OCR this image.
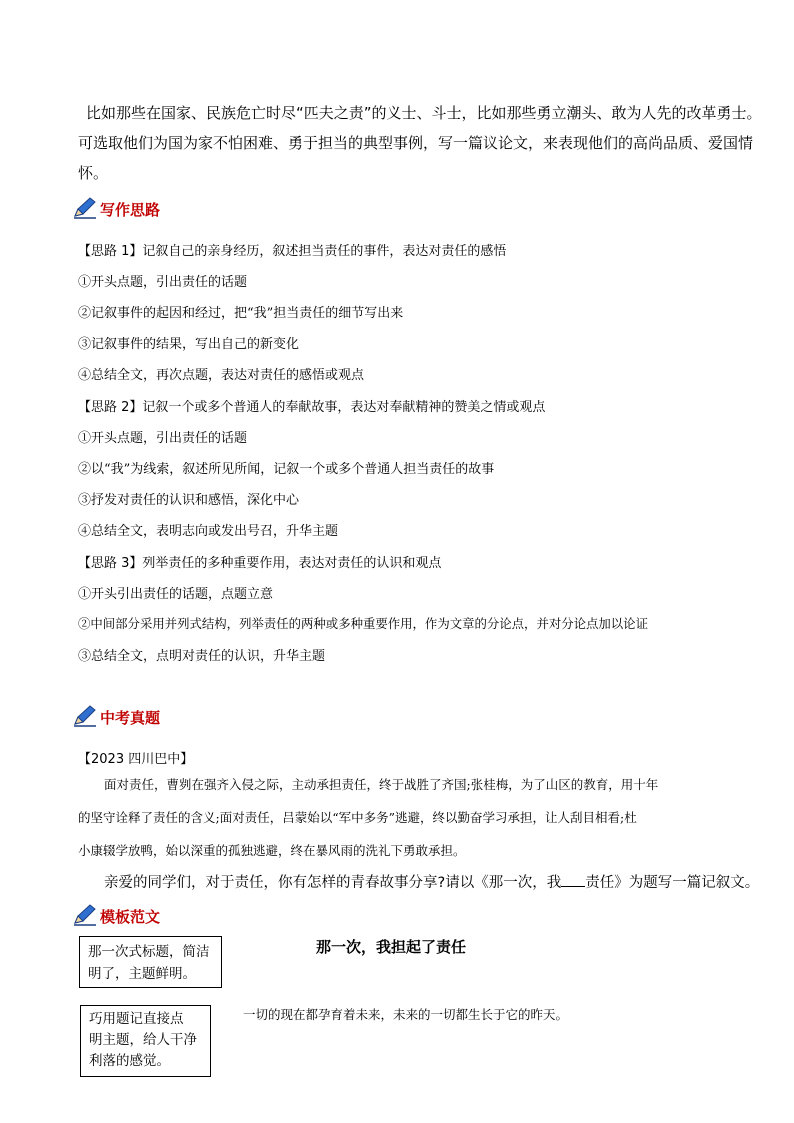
比如那些在国家、民族危亡时尽“匹夫之责”的义士、斗士，比如那些勇立潮头、敢为人先的改革勇士。
可选取他们为国为家不怕困难、勇于担当的典型事例，写一篇议论文，来表现他们的高尚品质、爱国情
怀。
写作思路
【思路 1】记叙自己的亲身经历，叙述担当责任的事件，表达对责任的感悟
①开头点题，引出责任的话题
②记叙事件的起因和经过，把“我”担当责任的细节写出来
③记叙事件的结果，写出自己的新变化
④总结全文，再次点题，表达对责任的感悟或观点
【思路 2】记叙一个或多个普通人的奉献故事，表达对奉献精神的赞美之情或观点
①开头点题，引出责任的话题
②以“我”为线索，叙述所见所闻，记叙一个或多个普通人担当责任的故事
③抒发对责任的认识和感悟，深化中心
④总结全文，表明志向或发出号召，升华主题
【思路 3】列举责任的多种重要作用，表达对责任的认识和观点
①开头引出责任的话题，点题立意
②中间部分采用并列式结构，列举责任的两种或多种重要作用，作为文章的分论点，并对分论点加以论证
③总结全文，点明对责任的认识，升华主题
中考真题
【2023 四川巴中】
面对责任，曹刿在强齐入侵之际，主动承担责任，终于战胜了齐国;张桂梅，为了山区的教育，用十年
的坚守诠释了责任的含义;面对责任，吕蒙始以“军中多务”逃避，终以勤奋学习承担，让人刮目相看;杜
小康辍学放鸭，始以深重的孤独逃避，终在暴风雨的洗礼下勇敢承担。
亲爱的同学们，对于责任，你有怎样的青春故事分享?请以《那一次，我 责任》为题写一篇记叙文。
模板范文
那一次式标题，简洁
明了，主题鲜明。
那一次，我担起了责任
巧用题记直接点
明主题，给人干净
利落的感觉。
一切的现在都孕育着未来，未来的一切都生长于它的昨天。
